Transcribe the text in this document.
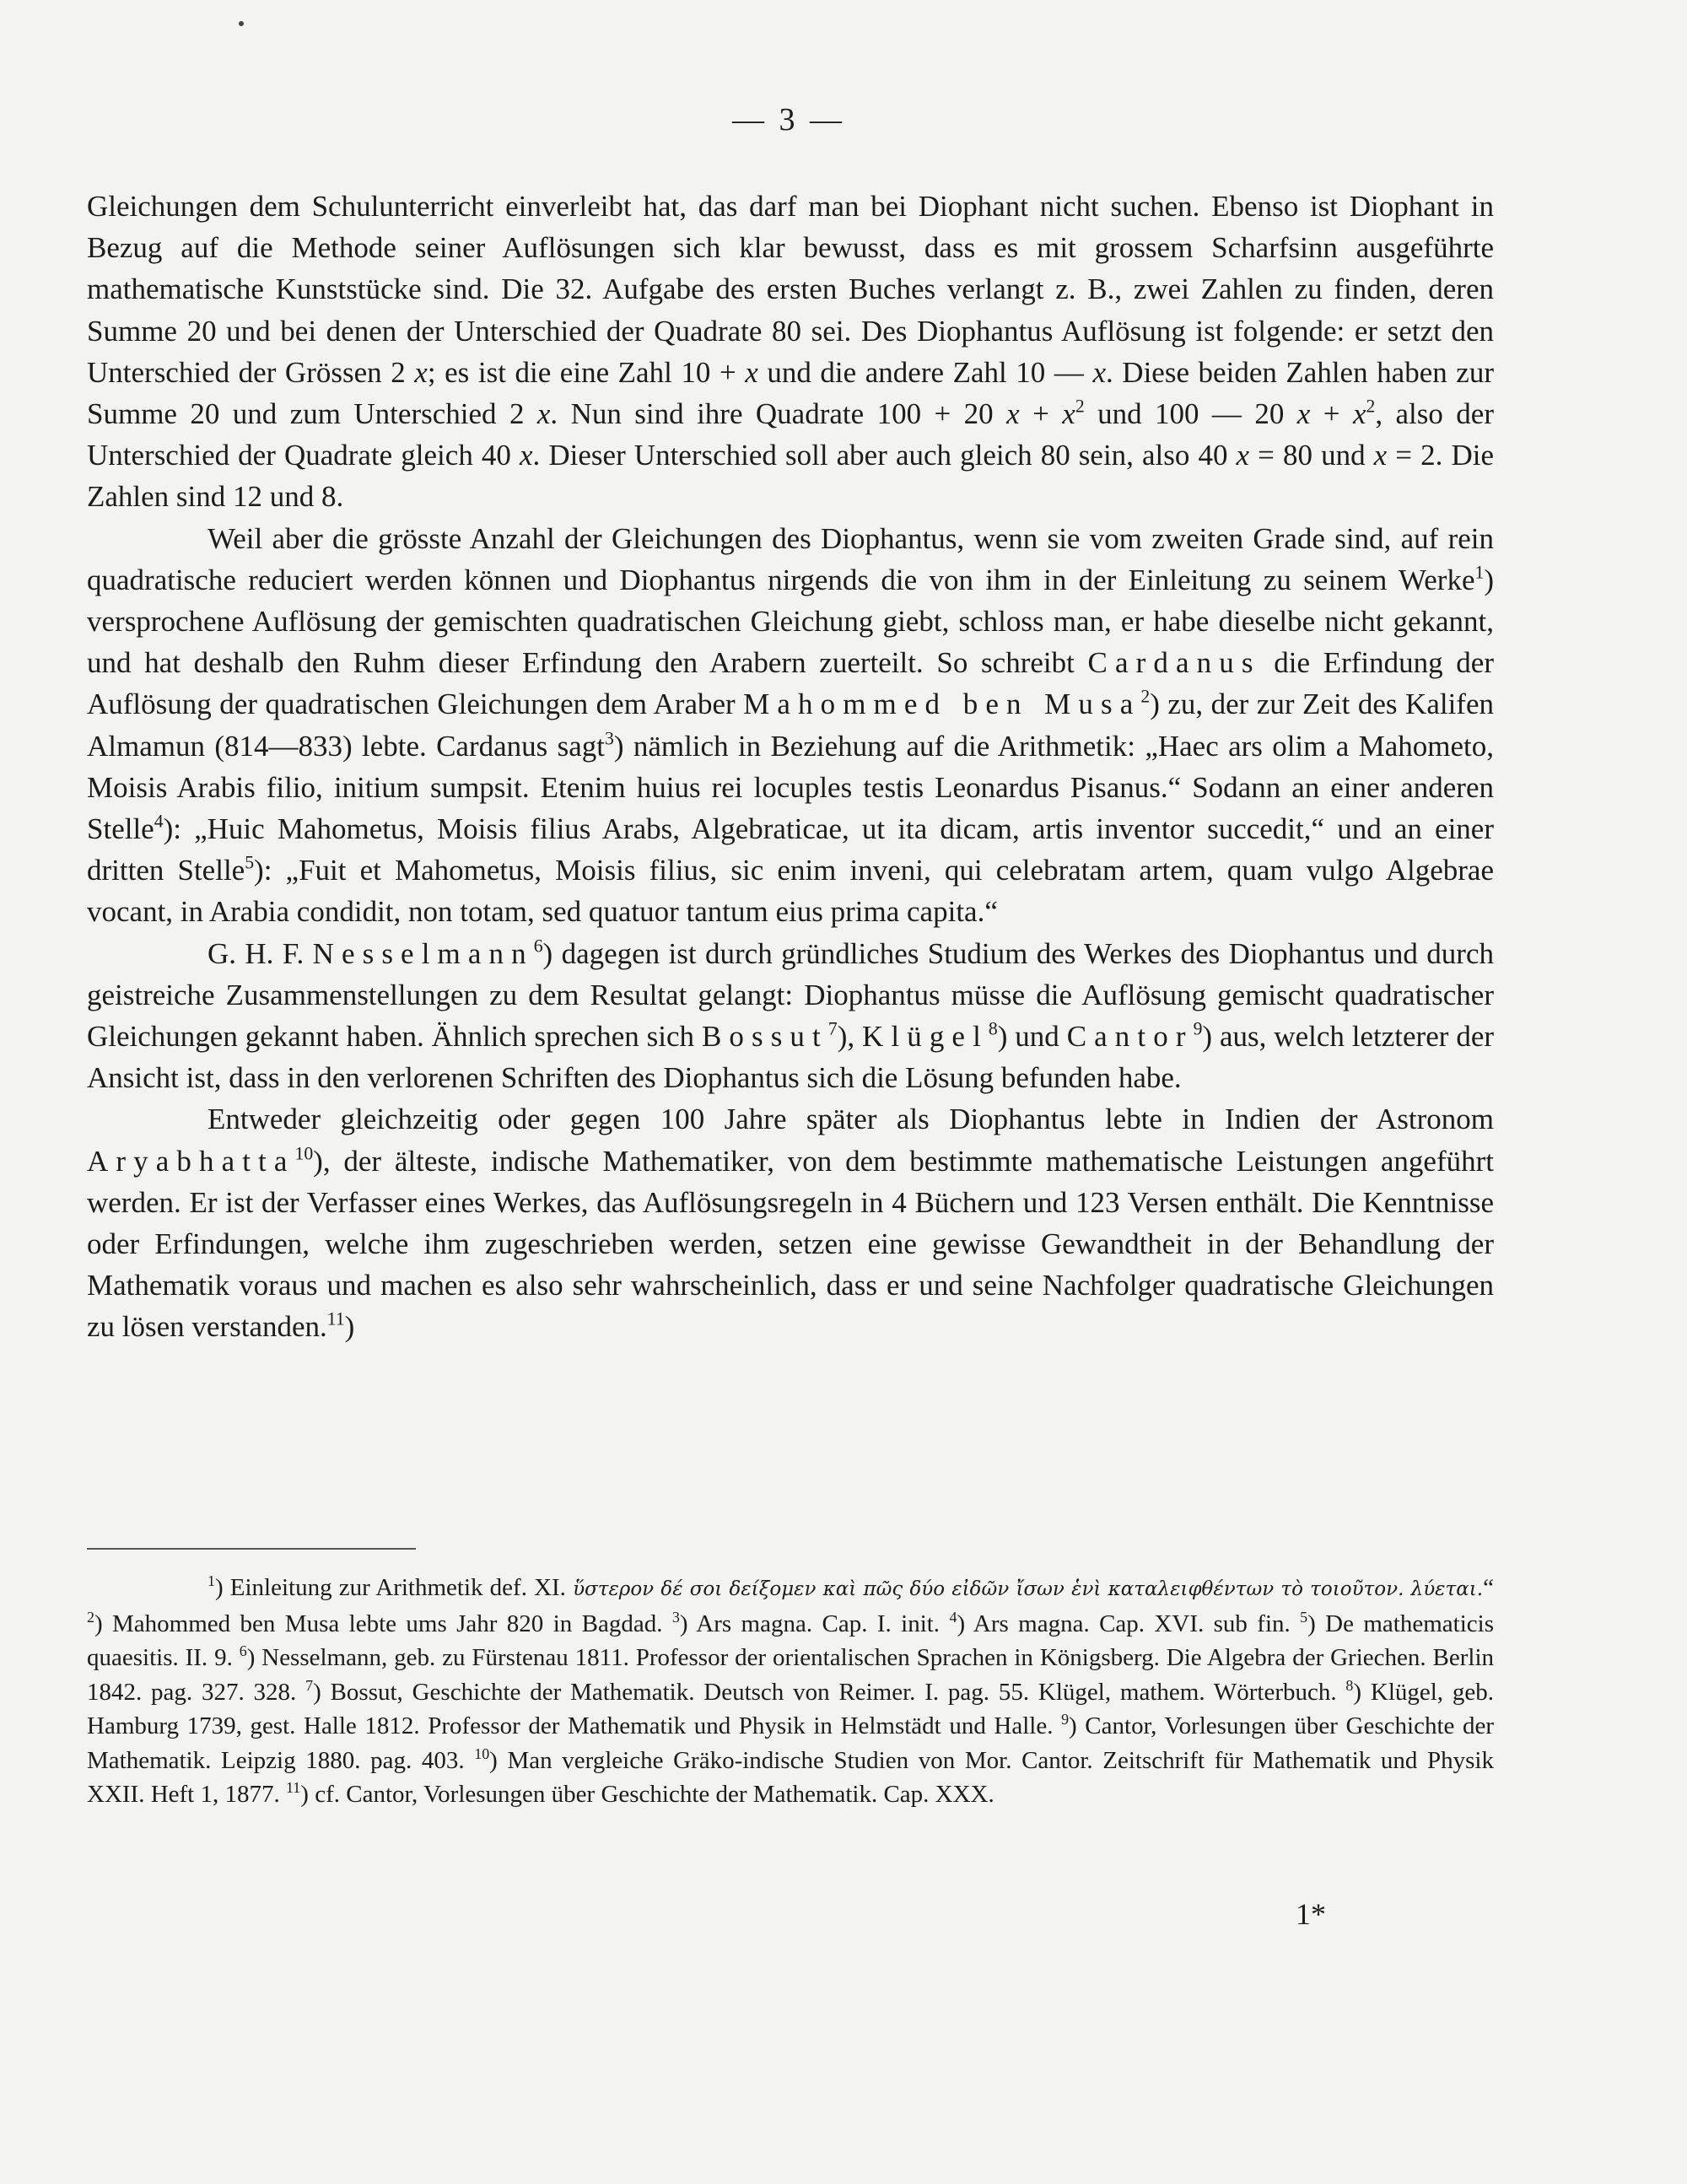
— 3 —

Gleichungen dem Schulunterricht einverleibt hat, das darf man bei Diophant nicht suchen. Ebenso ist Diophant in Bezug auf die Methode seiner Auflösungen sich klar bewusst, dass es mit grossem Scharfsinn ausgeführte mathematische Kunststücke sind. Die 32. Aufgabe des ersten Buches verlangt z. B., zwei Zahlen zu finden, deren Summe 20 und bei denen der Unterschied der Quadrate 80 sei. Des Diophantus Auflösung ist folgende: er setzt den Unterschied der Grössen 2 x; es ist die eine Zahl 10 + x und die andere Zahl 10 — x. Diese beiden Zahlen haben zur Summe 20 und zum Unterschied 2 x. Nun sind ihre Quadrate 100 + 20 $x + x^2$ und 100 — 20 $x + x^2$, also der Unterschied der Quadrate gleich 40 x. Dieser Unterschied soll aber auch gleich 80 sein, also 40 x = 80 und x = 2. Die Zahlen sind 12 und 8.

Weil aber die grösste Anzahl der Gleichungen des Diophantus, wenn sie vom zweiten Grade sind, auf rein quadratische reduciert werden können und Diophantus nirgends die von ihm in der Einleitung zu seinem Werke$^1$) versprochene Auflösung der gemischten quadratischen Gleichung giebt, schloss man, er habe dieselbe nicht gekannt, und hat deshalb den Ruhm dieser Erfindung den Arabern zuerteilt. So schreibt Cardanus die Erfindung der Auflösung der quadratischen Gleichungen dem Araber Mahommed ben Musa$^2$) zu, der zur Zeit des Kalifen Almamun (814—833) lebte. Cardanus sagt$^3$) nämlich in Beziehung auf die Arithmetik: „Haec ars olim a Mahometo, Moisis Arabis filio, initium sumpsit. Etenim huius rei locuples testis Leonardus Pisanus.“ Sodann an einer anderen Stelle$^4$): „Huic Mahometus, Moisis filius Arabs, Algebraticae, ut ita dicam, artis inventor succedit,“ und an einer dritten Stelle$^5$): „Fuit et Mahometus, Moisis filius, sic enim inveni, qui celebratam artem, quam vulgo Algebrae vocant, in Arabia condidit, non totam, sed quatuor tantum eius prima capita.“

G. H. F. Nesselmann$^6$) dagegen ist durch gründliches Studium des Werkes des Diophantus und durch geistreiche Zusammenstellungen zu dem Resultat gelangt: Diophantus müsse die Auflösung gemischt quadratischer Gleichungen gekannt haben. Ähnlich sprechen sich Bossut$^7$), Klügel$^8$) und Cantor$^9$) aus, welch letzterer der Ansicht ist, dass in den verlorenen Schriften des Diophantus sich die Lösung befunden habe.

Entweder gleichzeitig oder gegen 100 Jahre später als Diophantus lebte in Indien der Astronom Aryabhatta$^{10}$), der älteste, indische Mathematiker, von dem bestimmte mathematische Leistungen angeführt werden. Er ist der Verfasser eines Werkes, das Auflösungsregeln in 4 Büchern und 123 Versen enthält. Die Kenntnisse oder Erfindungen, welche ihm zugeschrieben werden, setzen eine gewisse Gewandtheit in der Behandlung der Mathematik voraus und machen es also sehr wahrscheinlich, dass er und seine Nachfolger quadratische Gleichungen zu lösen verstanden.$^{11}$)

$^1$) Einleitung zur Arithmetik def. XI. ὕστερον δέ σοι δείξομεν καὶ πῶς δύο εἰδῶν ἴσων ἑνὶ καταλειφθέντων τὸ τοιοῦτον. λύεται.“ $^2$) Mahommed ben Musa lebte ums Jahr 820 in Bagdad. $^3$) Ars magna. Cap. I. init. $^4$) Ars magna. Cap. XVI. sub fin. $^5$) De mathematicis quaesitis. II. 9. $^6$) Nesselmann, geb. zu Fürstenau 1811. Professor der orientalischen Sprachen in Königsberg. Die Algebra der Griechen. Berlin 1842. pag. 327. 328. $^7$) Bossut, Geschichte der Mathematik. Deutsch von Reimer. I. pag. 55. Klügel, mathem. Wörterbuch. $^8$) Klügel, geb. Hamburg 1739, gest. Halle 1812. Professor der Mathematik und Physik in Helmstädt und Halle. $^9$) Cantor, Vorlesungen über Geschichte der Mathematik. Leipzig 1880. pag. 403. $^{10}$) Man vergleiche Gräko-indische Studien von Mor. Cantor. Zeitschrift für Mathematik und Physik XXII. Heft 1, 1877. $^{11}$) cf. Cantor, Vorlesungen über Geschichte der Mathematik. Cap. XXX.

1*
